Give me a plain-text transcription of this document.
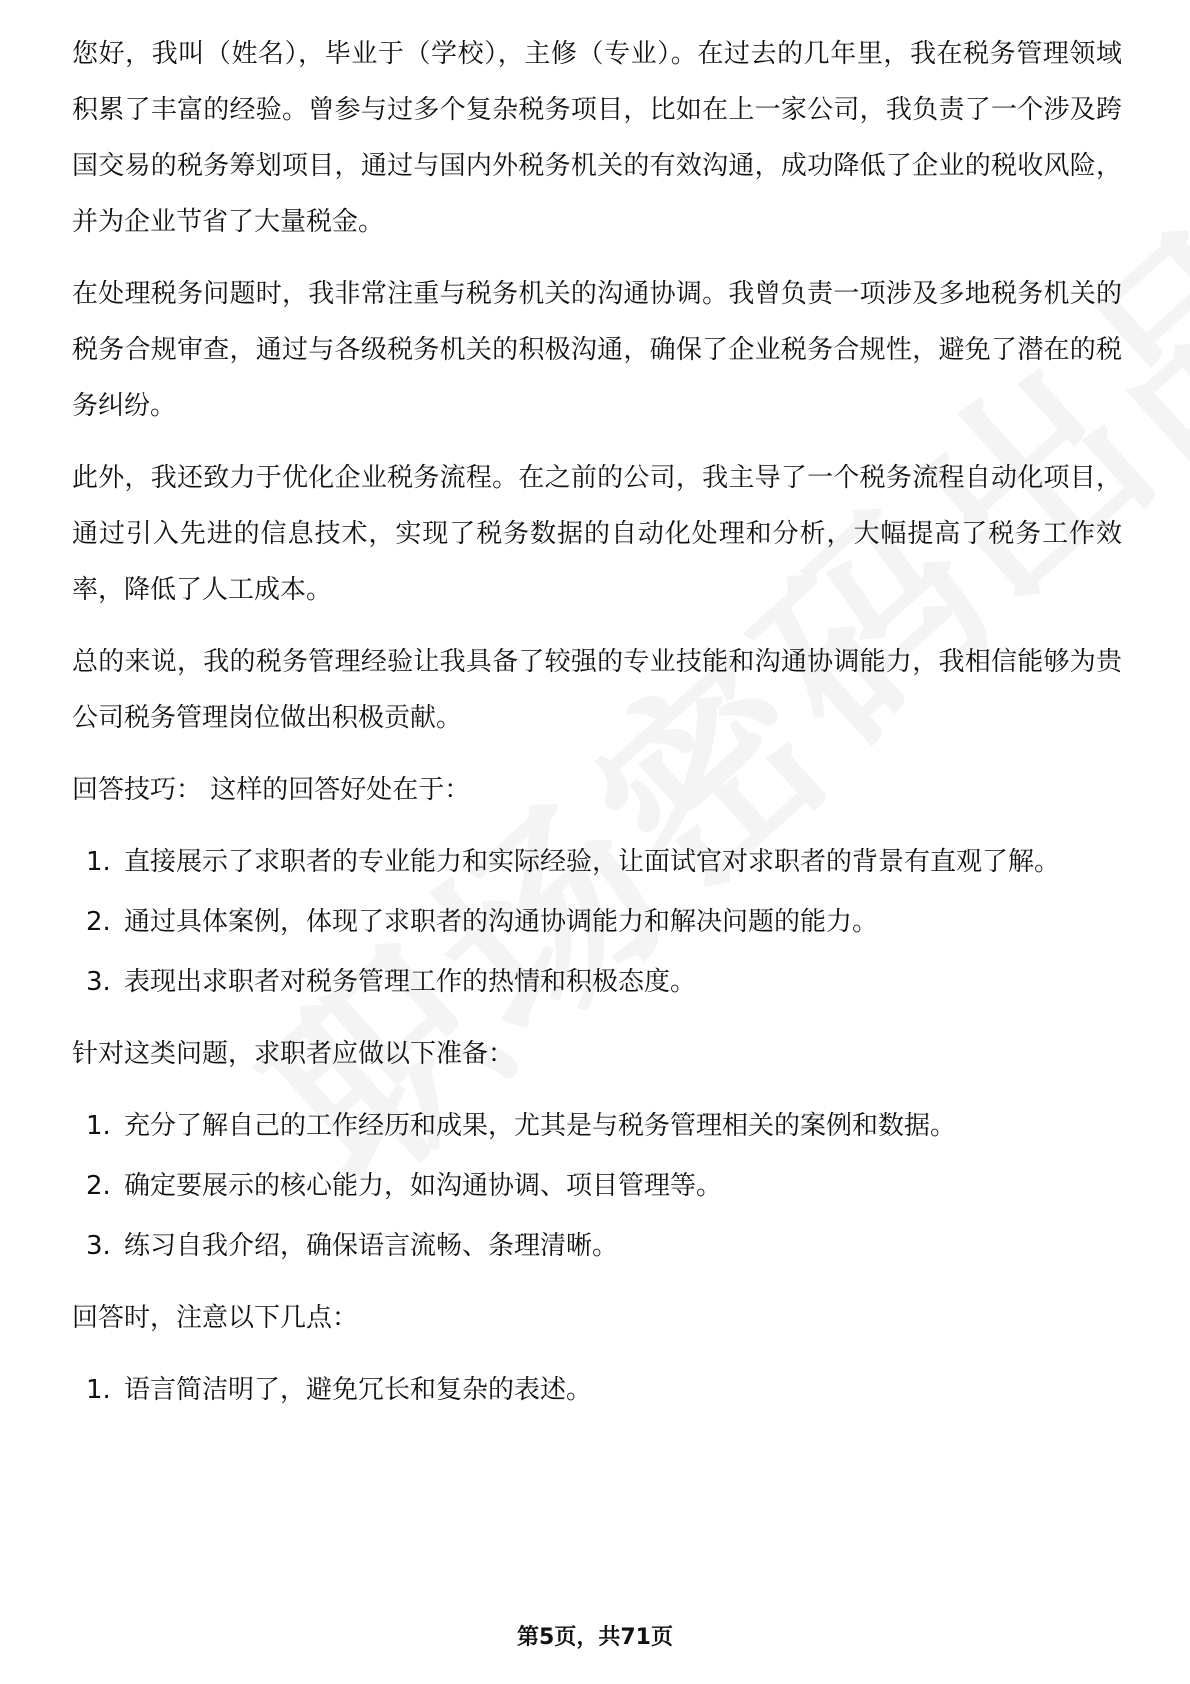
您好，我叫（姓名），毕业于（学校），主修（专业）。在过去的几年里，我在税务管理领域积累了丰富的经验。曾参与过多个复杂税务项目，比如在上一家公司，我负责了一个涉及跨国交易的税务筹划项目，通过与国内外税务机关的有效沟通，成功降低了企业的税收风险，并为企业节省了大量税金。

在处理税务问题时，我非常注重与税务机关的沟通协调。我曾负责一项涉及多地税务机关的税务合规审查，通过与各级税务机关的积极沟通，确保了企业税务合规性，避免了潜在的税务纠纷。

此外，我还致力于优化企业税务流程。在之前的公司，我主导了一个税务流程自动化项目，通过引入先进的信息技术，实现了税务数据的自动化处理和分析，大幅提高了税务工作效率，降低了人工成本。

总的来说，我的税务管理经验让我具备了较强的专业技能和沟通协调能力，我相信能够为贵公司税务管理岗位做出积极贡献。

回答技巧： 这样的回答好处在于：

1. 直接展示了求职者的专业能力和实际经验，让面试官对求职者的背景有直观了解。
2. 通过具体案例，体现了求职者的沟通协调能力和解决问题的能力。
3. 表现出求职者对税务管理工作的热情和积极态度。

针对这类问题，求职者应做以下准备：

1. 充分了解自己的工作经历和成果，尤其是与税务管理相关的案例和数据。
2. 确定要展示的核心能力，如沟通协调、项目管理等。
3. 练习自我介绍，确保语言流畅、条理清晰。

回答时，注意以下几点：

1. 语言简洁明了，避免冗长和复杂的表述。
第5页，共71页
